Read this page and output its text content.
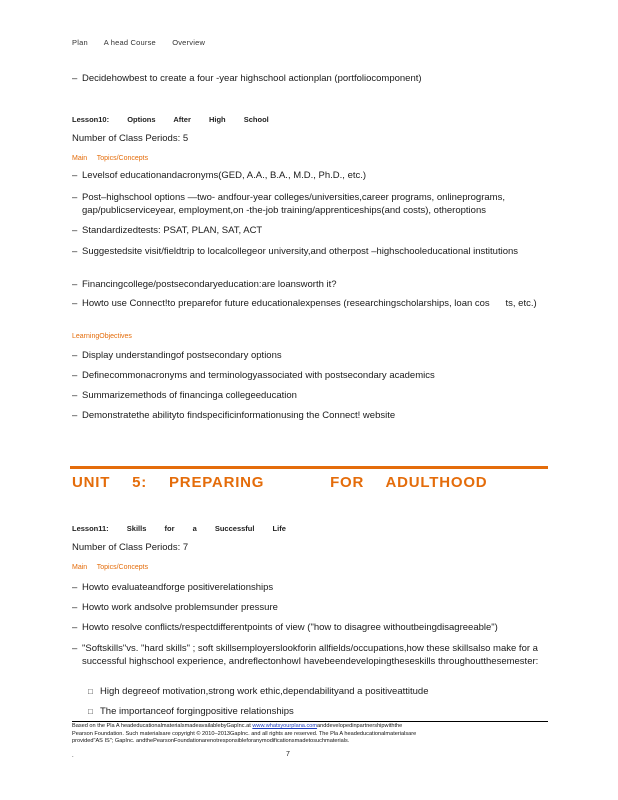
Plan A head Course Overview
– Decidehowbest to create a four -year highschool actionplan (portfoliocomponent)
Lesson10: Options After High School
Number of Class Periods: 5
Main     Topics/Concepts
– Levelsof educationandacronyms(GED, A.A., B.A., M.D., Ph.D., etc.)
– Post–highschool options —two- andfour-year colleges/universities,career programs, onlineprograms, gap/publicserviceyear, employment,on -the-job training/apprenticeships(and costs), otheroptions
– Standardizedtests: PSAT, PLAN, SAT, ACT
– Suggestedsite visit/fieldtrip to localcollegeor university,and otherpost –highschooleducational institutions
– Financingcollege/postsecondaryeducation:are loansworth it?
– Howto use Connect!to preparefor future educationalexpenses (researchingscholarships, loan cos      ts, etc.)
LearningObjectives
– Display understandingof postsecondary options
– Definecommonacronyms and terminologyassociated with postsecondary academics
– Summarizemethods of financinga collegeeducation
– Demonstratethe abilityto findspecificinformationusing the Connect! website
UNIT  5:  PREPARING      FOR  ADULTHOOD
Lesson11: Skills for a Successful Life
Number of Class Periods: 7
Main     Topics/Concepts
– Howto evaluateandforge positiverelationships
– Howto work andsolve problemsunder pressure
– Howto resolve conflicts/respectdifferentpoints of view ("how to disagree withoutbeingdisagreeable")
– "Softskills"vs. "hard skills" ; soft skillsemployerslookforin allfields/occupations,how these skillsalso make for a successful highschool experience, andreflectonhowI havebeendevelopingtheseskills throughoutthesemester:
□ High degreeof motivation,strong work ethic,dependabilityand a positiveattitude
□ The importanceof forgingpositive relationships
Based on the Pla A headeducationalmaterialsmadeavailablebyGapInc.at www.whatsyourplana.comanddevelopedinpartnershipwiththe
Pearson Foundation. Such materialsare copyright © 2010–2013GapInc. and all rights are reserved. The Pla A headeducationalmaterialsare
provided"AS IS"; GapInc. andthePearsonFoundationarenotresponsibleforanymodificationsmadetosuchmaterials.
.	7
